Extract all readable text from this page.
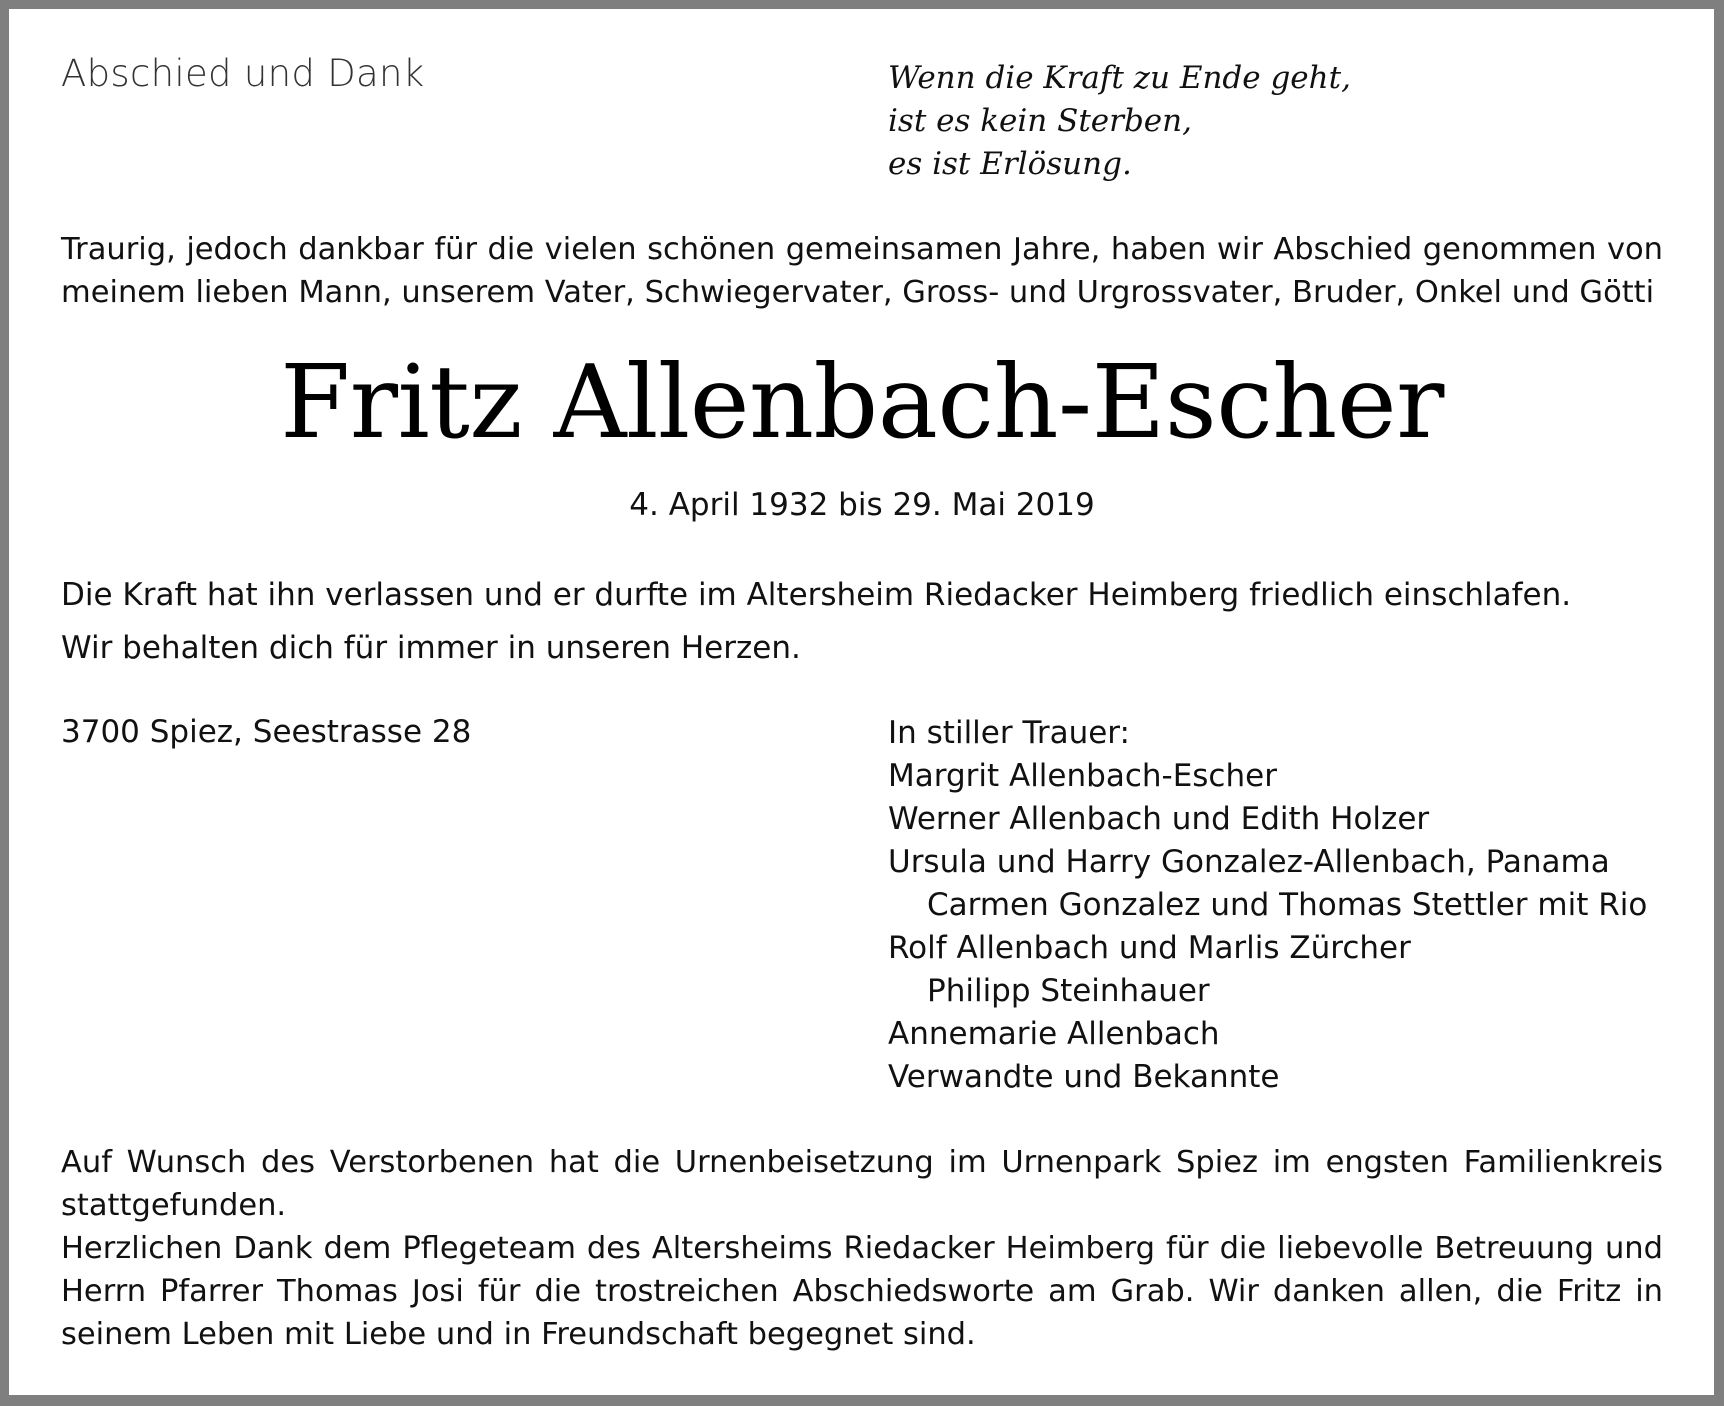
Abschied und Dank	Wenn die Kraft zu Ende geht,
ist es kein Sterben,
es ist Erlösung.
Traurig, jedoch dankbar für die vielen schönen gemeinsamen Jahre, haben wir Abschied genommen von meinem lieben Mann, unserem Vater, Schwiegervater, Gross- und Urgrossvater, Bruder, Onkel und Götti
Fritz Allenbach-Escher
4. April 1932 bis 29. Mai 2019
Die Kraft hat ihn verlassen und er durfte im Altersheim Riedacker Heimberg friedlich einschlafen.
Wir behalten dich für immer in unseren Herzen.
3700 Spiez, Seestrasse 28	In stiller Trauer:
Margrit Allenbach-Escher
Werner Allenbach und Edith Holzer
Ursula und Harry Gonzalez-Allenbach, Panama
Carmen Gonzalez und Thomas Stettler mit Rio
Rolf Allenbach und Marlis Zürcher
Philipp Steinhauer
Annemarie Allenbach
Verwandte und Bekannte

Auf Wunsch des Verstorbenen hat die Urnenbeisetzung im Urnenpark Spiez im engsten Familienkreis stattgefunden.

Herzlichen Dank dem Pflegeteam des Altersheims Riedacker Heimberg für die liebevolle Betreuung und Herrn Pfarrer Thomas Josi für die trostreichen Abschiedsworte am Grab. Wir danken allen, die Fritz in seinem Leben mit Liebe und in Freundschaft begegnet sind.
